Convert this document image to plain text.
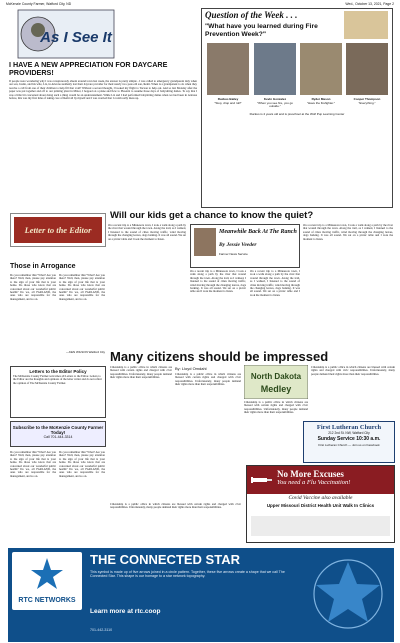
McKenzie County Farmer, Watford City, ND	Wed., October 13, 2021, Page 2
As I See It
I HAVE A NEW APPRECIATION FOR DAYCARE PROVIDERS!

If people were wondering why I was conspicuously absent around town last week, the answer is pretty simple - I was called to emergency grandparent duty when our son, Justin, and his wife, Liz, in Arizona suddenly lost their daycare provider for their nearly two-year-old son, Remi. When is a grandparent to do when they receive a call from one of their children to help fill that void? Without a second thought, I booked my flight to Tucson to help out. And so last Monday after the paper was put together and off to our printing plant in Minot, I hopped on a plane and flew to Phoenix to assume those days of babysitting duties. To say that I was a little bit concerned about doing such a thing would be an understatement. While Liz and I had performed babysitting duties when we had been in Arizona before, this was my first time of taking care of Remi all by myself and I was worried that I could really mess up.

Question of the Week . . .
"What have you learned during Fire Prevention Week?"
Ruckus Bailey
"Stop, drop and roll!"
Kevin Gonzalez
"When you see fire, you go outside."
Ryder Mason
"Have the firefighter."
Cooper Thompson
"Everything."
Ruckus is 4 years old and is preschool at the Wolf Pup Learning Center
Will our kids get a chance to know the quiet?

On a recent trip to a Minnesota town, I took a walk along a path by the river that wound through the town. Along the trail, as I walked, I listened to the sound of cities moving traffic, wind moving through the changing leaves, dogs barking. It was all sound. We sat on a picnic table and I took the moment to listen.

Meanwhile Back At The Ranch
By Jessie Veeder
Farmer News Service

On a recent trip to a Minnesota town, I took a walk along a path by the river that wound through the town. Along the trail, as I walked, I listened to the sound of cities moving traffic, wind moving through the changing leaves, dogs barking. It was all sound. We sat on a picnic table and I took the moment to listen.

On a recent trip to a Minnesota town, I took a walk along a path by the river that wound through the town. Along the trail, as I walked, I listened to the sound of cities moving traffic, wind moving through the changing leaves, dogs barking. It was all sound. We sat on a picnic table and I took the moment to listen.

On a recent trip to a Minnesota town, I took a walk along a path by the river that wound through the town. Along the trail, as I walked, I listened to the sound of cities moving traffic, wind moving through the changing leaves, dogs barking. It was all sound. We sat on a picnic table and I took the moment to listen.

Letter to the Editor
Those in Arrogance

Do you remember this? What? Are you there? Well, then, please pay attention to the sign of your life that is your home. Do those who know that are concerned about our wonderful public health? Do we, all FARLAND, the ones who are responsible for the management, and so on.

Do you remember this? What? Are you there? Well, then, please pay attention to the sign of your life that is your home. Do those who know that are concerned about our wonderful public health? Do we, all FARLAND, the ones who are responsible for the management, and so on.

—KEN WILSON Watford City
Letters to the Editor Policy
The McKenzie County Farmer welcomes all Letters to the Editor. Letters to the Editor are the thoughts and opinions of the letter writer and do not reflect the opinion of The McKenzie County Farmer.
Subscribe to the McKenzie County Farmer Today!
Call 701-444-3314
Many citizens should be impressed
North Dakota
Medley
By: Lloyd Omdahl

Citizenship is a public office in which citizens are blessed with certain rights and charged with civic responsibilities. Unfortunately, many people demand their rights more than their responsibilities.

Citizenship is a public office in which citizens are blessed with certain rights and charged with civic responsibilities. Unfortunately, many people demand their rights more than their responsibilities.

Citizenship is a public office in which citizens are blessed with certain rights and charged with civic responsibilities. Unfortunately, many people demand their rights more than their responsibilities.

Citizenship is a public office in which citizens are blessed with certain rights and charged with civic responsibilities. Unfortunately, many people demand their rights more than their responsibilities.

First Lutheran Church
212 2nd St. NW, Watford City
Sunday Service 10:30 a.m.
First Lutheran Church — Join us on Facebook
No More Excuses
You need a Flu Vaccination!
Covid Vaccine also available
Upper Missouri District Health Unit Walk In Clinics

Do you remember this? What? Are you there? Well, then, please pay attention to the sign of your life that is your home. Do those who know that are concerned about our wonderful public health? Do we, all FARLAND, the ones who are responsible for the management, and so on.

Do you remember this? What? Are you there? Well, then, please pay attention to the sign of your life that is your home. Do those who know that are concerned about our wonderful public health? Do we, all FARLAND, the ones who are responsible for the management, and so on.

Citizenship is a public office in which citizens are blessed with certain rights and charged with civic responsibilities. Unfortunately, many people demand their rights more than their responsibilities.

RTC NETWORKS
THE CONNECTED STAR
This symbol is made up of five arrows joined in a circle pattern. Together, these five arrows create a shape that we call The Connected Star. This shape is our homage to a star network topography.
Learn more at rtc.coop
701-442-3110
